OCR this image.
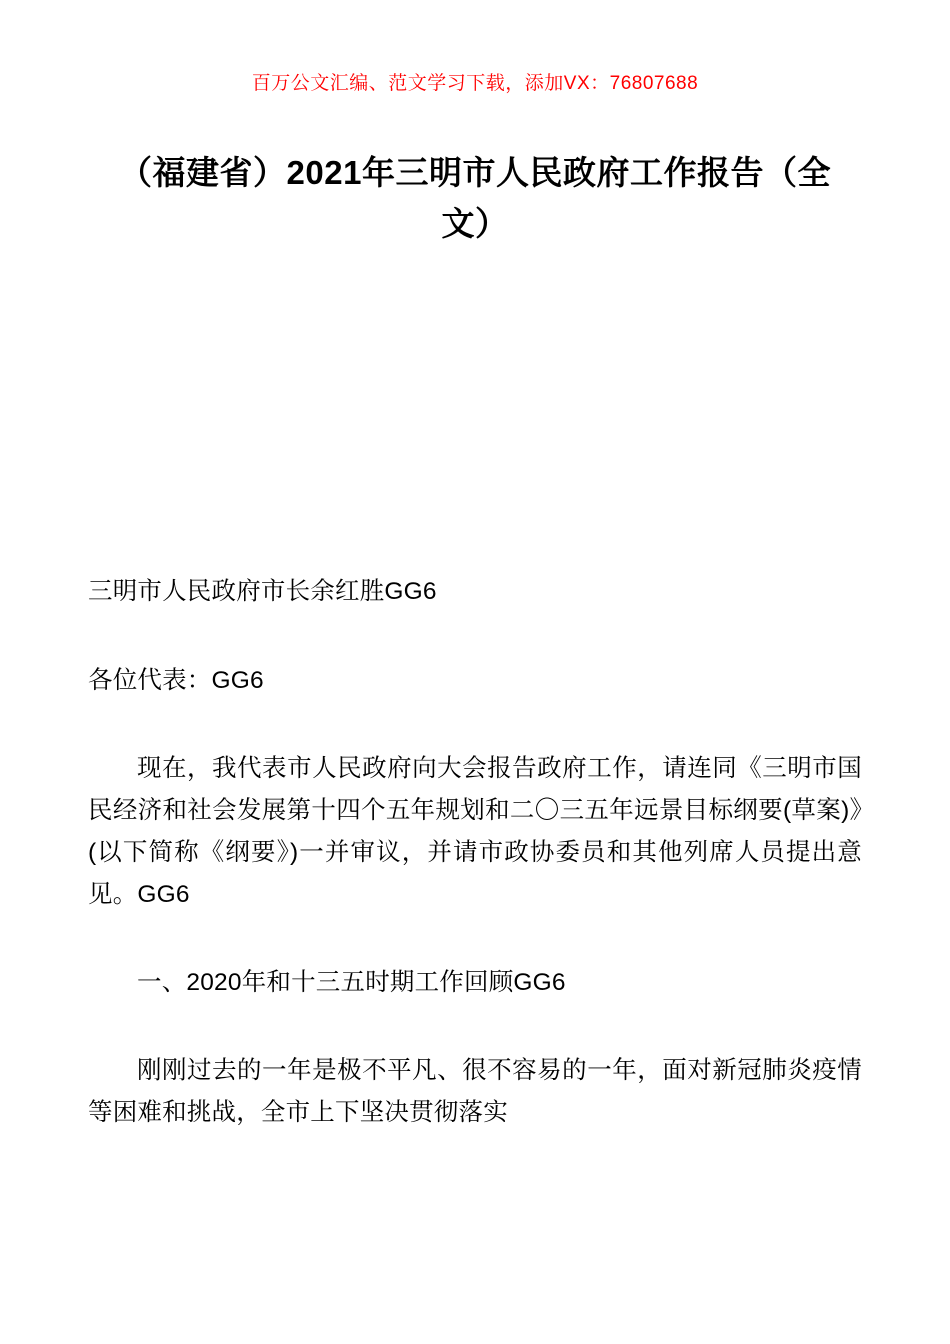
百万公文汇编、范文学习下载，添加VX：76807688
（福建省）2021年三明市人民政府工作报告（全文）

三明市人民政府市长余红胜GG6

各位代表：GG6

现在，我代表市人民政府向大会报告政府工作，请连同《三明市国民经济和社会发展第十四个五年规划和二〇三五年远景目标纲要(草案)》(以下简称《纲要》)一并审议，并请市政协委员和其他列席人员提出意见。GG6

一、2020年和十三五时期工作回顾GG6

刚刚过去的一年是极不平凡、很不容易的一年，面对新冠肺炎疫情等困难和挑战，全市上下坚决贯彻落实
